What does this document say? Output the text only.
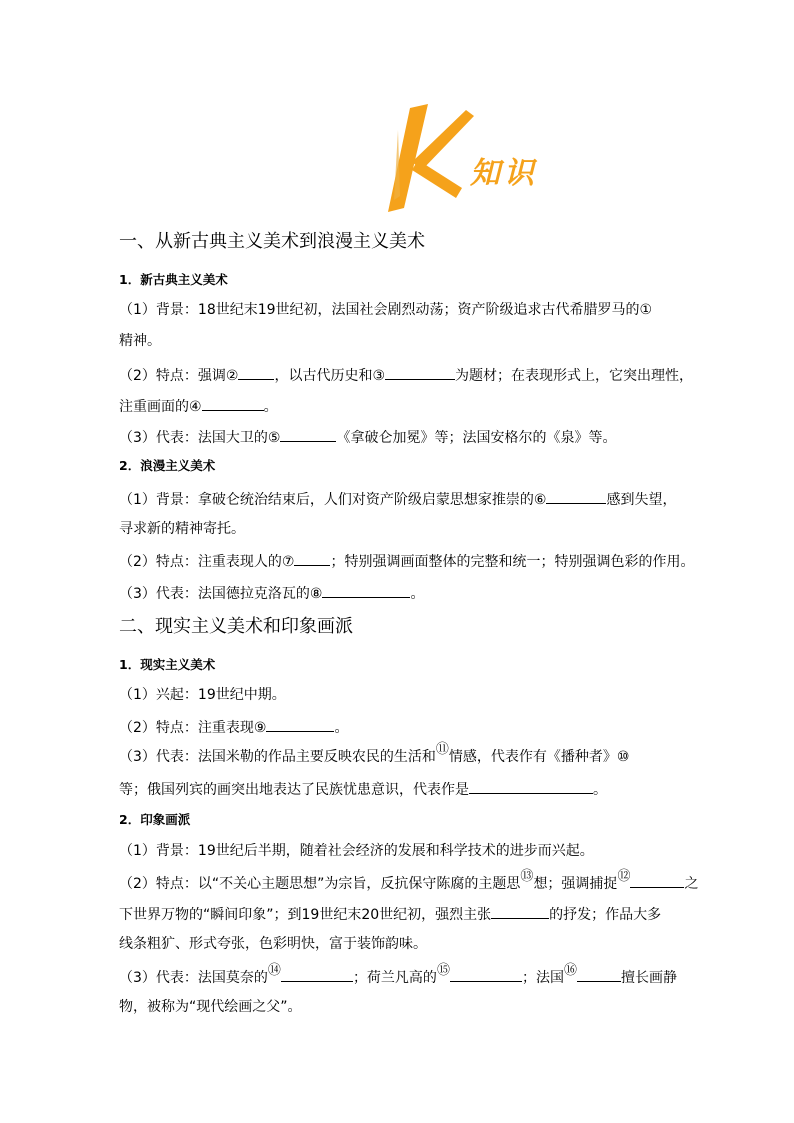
知识
一、从新古典主义美术到浪漫主义美术
1．新古典主义美术
（1）背景：18世纪末19世纪初，法国社会剧烈动荡；资产阶级追求古代希腊罗马的①
精神。
（2）特点：强调②	，以古代历史和③	为题材；在表现形式上，它突出理性，
注重画面的④	。
（3）代表：法国大卫的⑤	《拿破仑加冕》等；法国安格尔的《泉》等。
2．浪漫主义美术
（1）背景：拿破仑统治结束后，人们对资产阶级启蒙思想家推崇的⑥	感到失望，
寻求新的精神寄托。
（2）特点：注重表现人的⑦	；特别强调画面整体的完整和统一；特别强调色彩的作用。
（3）代表：法国德拉克洛瓦的⑧	。
二、现实主义美术和印象画派
1．现实主义美术
（1）兴起：19世纪中期。
（2）特点：注重表现⑨	。
（3）代表：法国米勒的作品主要反映农民的生活和⑪情感，代表作有《播种者》⑩
等；俄国列宾的画突出地表达了民族忧患意识，代表作是	。
2．印象画派
（1）背景：19世纪后半期，随着社会经济的发展和科学技术的进步而兴起。
（2）特点：以“不关心主题思想”为宗旨，反抗保守陈腐的主题思⑬想；强调捕捉⑫	之
下世界万物的“瞬间印象”；到19世纪末20世纪初，强烈主张	的抒发；作品大多
线条粗犷、形式夸张，色彩明快，富于装饰韵味。
（3）代表：法国莫奈的⑭	；荷兰凡高的⑮	；法国⑯	擅长画静
物，被称为“现代绘画之父”。
